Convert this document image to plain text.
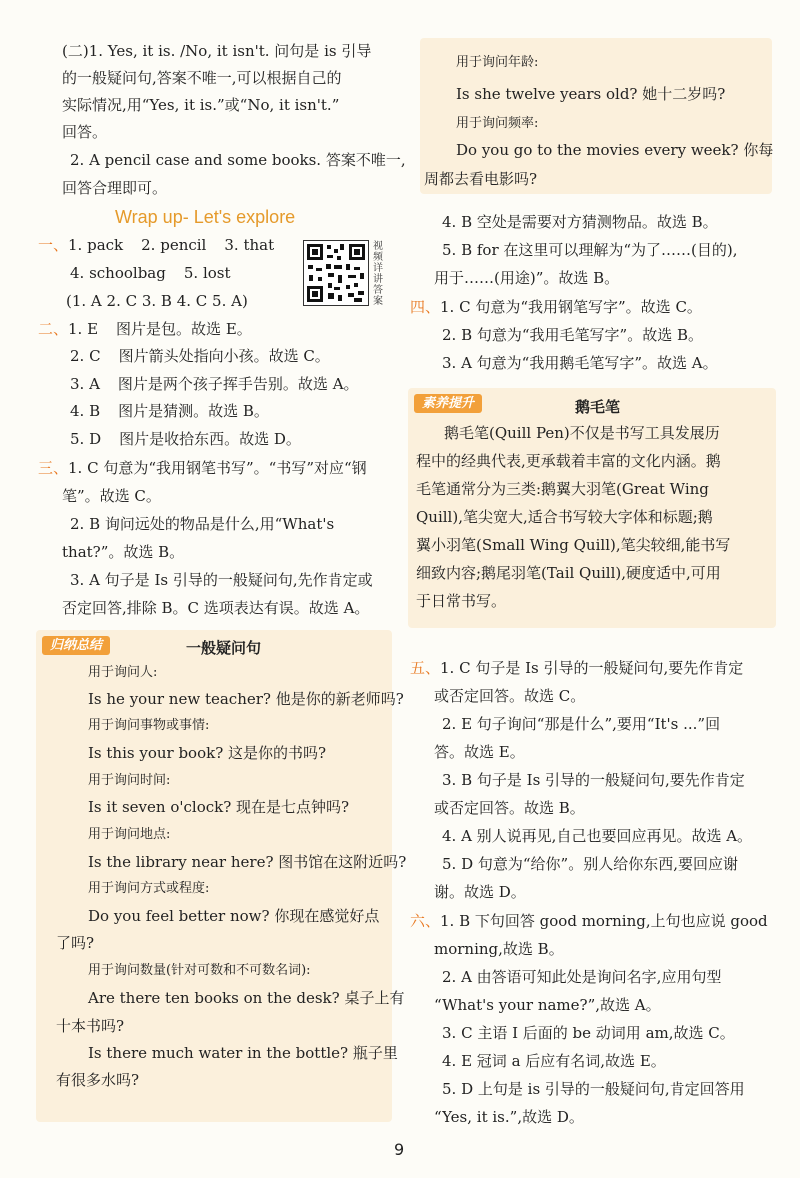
(二)1. Yes, it is. /No, it isn't. 问句是 is 引导
的一般疑问句,答案不唯一,可以根据自己的
实际情况,用“Yes, it is.”或“No, it isn't.”
回答。
2. A pencil case and some books. 答案不唯一,
回答合理即可。
Wrap up- Let's explore
一、1. pack 2. pencil 3. that
4. schoolbag 5. lost
(1. A 2. C 3. B 4. C 5. A)
视频详讲答案
二、1. E 图片是包。故选 E。
2. C 图片箭头处指向小孩。故选 C。
3. A 图片是两个孩子挥手告别。故选 A。
4. B 图片是猜测。故选 B。
5. D 图片是收拾东西。故选 D。
三、1. C 句意为“我用钢笔书写”。“书写”对应“钢
笔”。故选 C。
2. B 询问远处的物品是什么,用“What's
that?”。故选 B。
3. A 句子是 Is 引导的一般疑问句,先作肯定或
否定回答,排除 B。C 选项表达有误。故选 A。
归纳总结	一般疑问句
用于询问人:
Is he your new teacher? 他是你的新老师吗?
用于询问事物或事情:
Is this your book? 这是你的书吗?
用于询问时间:
Is it seven o'clock? 现在是七点钟吗?
用于询问地点:
Is the library near here? 图书馆在这附近吗?
用于询问方式或程度:
Do you feel better now? 你现在感觉好点
了吗?
用于询问数量(针对可数和不可数名词):
Are there ten books on the desk? 桌子上有
十本书吗?
Is there much water in the bottle? 瓶子里
有很多水吗?
用于询问年龄:
Is she twelve years old? 她十二岁吗?
用于询问频率:
Do you go to the movies every week? 你每
周都去看电影吗?
4. B 空处是需要对方猜测物品。故选 B。
5. B for 在这里可以理解为“为了……(目的),
用于……(用途)”。故选 B。
四、1. C 句意为“我用钢笔写字”。故选 C。
2. B 句意为“我用毛笔写字”。故选 B。
3. A 句意为“我用鹅毛笔写字”。故选 A。
素养提升	鹅毛笔
鹅毛笔(Quill Pen)不仅是书写工具发展历
程中的经典代表,更承载着丰富的文化内涵。鹅
毛笔通常分为三类:鹅翼大羽笔(Great Wing
Quill),笔尖宽大,适合书写较大字体和标题;鹅
翼小羽笔(Small Wing Quill),笔尖较细,能书写
细致内容;鹅尾羽笔(Tail Quill),硬度适中,可用
于日常书写。
五、1. C 句子是 Is 引导的一般疑问句,要先作肯定
或否定回答。故选 C。
2. E 句子询问“那是什么”,要用“It's ...”回
答。故选 E。
3. B 句子是 Is 引导的一般疑问句,要先作肯定
或否定回答。故选 B。
4. A 别人说再见,自己也要回应再见。故选 A。
5. D 句意为“给你”。别人给你东西,要回应谢
谢。故选 D。
六、1. B 下句回答 good morning,上句也应说 good
morning,故选 B。
2. A 由答语可知此处是询问名字,应用句型
“What's your name?”,故选 A。
3. C 主语 I 后面的 be 动词用 am,故选 C。
4. E 冠词 a 后应有名词,故选 E。
5. D 上句是 is 引导的一般疑问句,肯定回答用
“Yes, it is.”,故选 D。
9
